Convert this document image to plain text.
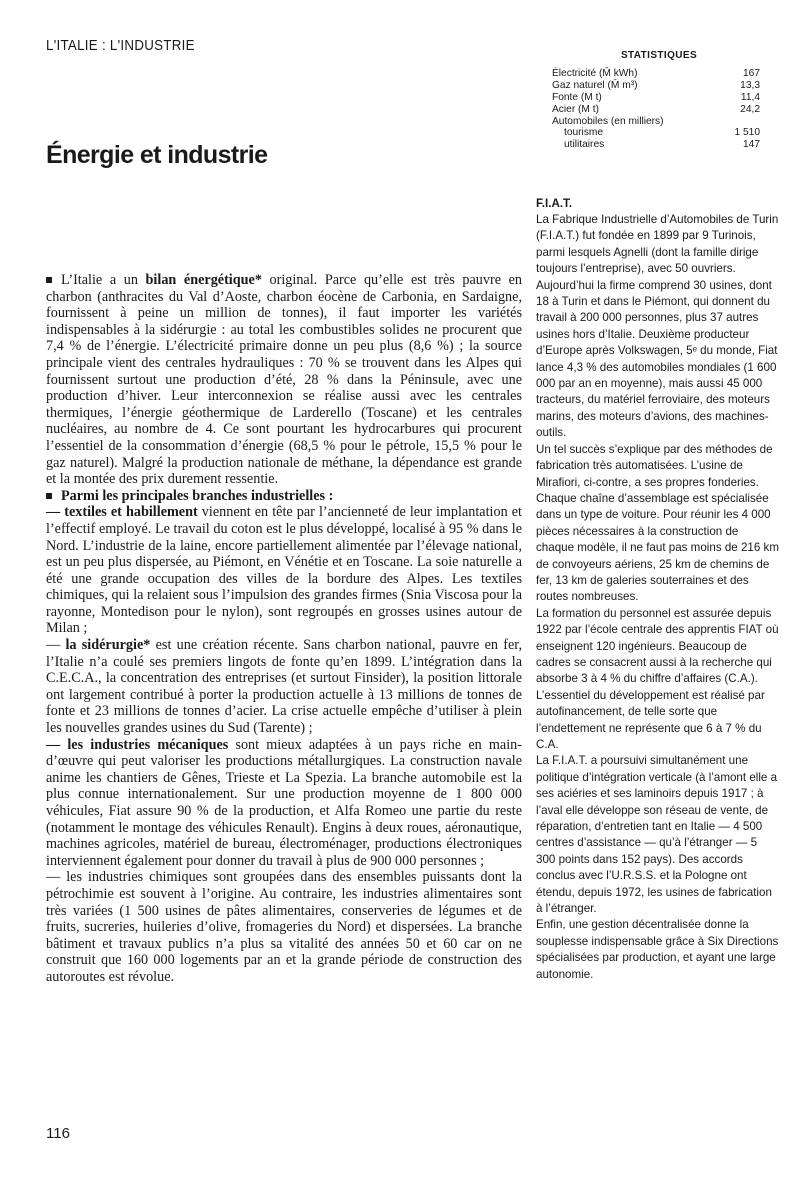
L'ITALIE : L'INDUSTRIE
Énergie et industrie

L’Italie a un bilan énergétique* original. Parce qu’elle est très pauvre en charbon (anthracites du Val d’Aoste, charbon éocène de Carbonia, en Sardaigne, fournissent à peine un million de tonnes), il faut importer les variétés indispensables à la sidérurgie : au total les combustibles solides ne procurent que 7,4 % de l’énergie. L’électricité primaire donne un peu plus (8,6 %) ; la source principale vient des centrales hydrauliques : 70 % se trouvent dans les Alpes qui fournissent surtout une production d’été, 28 % dans la Péninsule, avec une production d’hiver. Leur interconnexion se réalise aussi avec les centrales thermiques, l’énergie géothermique de Larderello (Toscane) et les centrales nucléaires, au nombre de 4. Ce sont pourtant les hydrocarbures qui procurent l’essentiel de la consommation d’énergie (68,5 % pour le pétrole, 15,5 % pour le gaz naturel). Malgré la production nationale de méthane, la dépendance est grande et la montée des prix durement ressentie.

Parmi les principales branches industrielles :

— textiles et habillement viennent en tête par l’ancienneté de leur implantation et l’effectif employé. Le travail du coton est le plus développé, localisé à 95 % dans le Nord. L’industrie de la laine, encore partiellement alimentée par l’élevage national, est un peu plus dispersée, au Piémont, en Vénétie et en Toscane. La soie naturelle a été une grande occupation des villes de la bordure des Alpes. Les textiles chimiques, qui la relaient sous l’impulsion des grandes firmes (Snia Viscosa pour la rayonne, Montedison pour le nylon), sont regroupés en grosses usines autour de Milan ;

— la sidérurgie* est une création récente. Sans charbon national, pauvre en fer, l’Italie n’a coulé ses premiers lingots de fonte qu’en 1899. L’intégration dans la C.E.C.A., la concentration des entreprises (et surtout Finsider), la position littorale ont largement contribué à porter la production actuelle à 13 millions de tonnes de fonte et 23 millions de tonnes d’acier. La crise actuelle empêche d’utiliser à plein les nouvelles grandes usines du Sud (Tarente) ;

— les industries mécaniques sont mieux adaptées à un pays riche en main-d’œuvre qui peut valoriser les productions métallurgiques. La construction navale anime les chantiers de Gênes, Trieste et La Spezia. La branche automobile est la plus connue internationalement. Sur une production moyenne de 1 800 000 véhicules, Fiat assure 90 % de la production, et Alfa Romeo une partie du reste (notamment le montage des véhicules Renault). Engins à deux roues, aéronautique, machines agricoles, matériel de bureau, électroménager, productions électroniques interviennent également pour donner du travail à plus de 900 000 personnes ;

— les industries chimiques sont groupées dans des ensembles puissants dont la pétrochimie est souvent à l’origine. Au contraire, les industries alimentaires sont très variées (1 500 usines de pâtes alimentaires, conserveries de légumes et de fruits, sucreries, huileries d’olive, fromageries du Nord) et dispersées. La branche bâtiment et travaux publics n’a plus sa vitalité des années 50 et 60 car on ne construit que 160 000 logements par an et la grande période de construction des autoroutes est révolue.

116
STATISTIQUES
Électricité (M̄ kWh)	167
Gaz naturel (M̄ m³)	13,3
Fonte (M t)	11,4
Acier (M t)	24,2
Automobiles (en milliers)
tourisme	1 510
utilitaires	147
F.I.A.T.

La Fabrique Industrielle d’Automobiles de Turin (F.I.A.T.) fut fondée en 1899 par 9 Turinois, parmi lesquels Agnelli (dont la famille dirige toujours l’entreprise), avec 50 ouvriers. Aujourd’hui la firme comprend 30 usines, dont 18 à Turin et dans le Piémont, qui donnent du travail à 200 000 personnes, plus 37 autres usines hors d’Italie. Deuxième producteur d’Europe après Volkswagen, 5ᵉ du monde, Fiat lance 4,3 % des automobiles mondiales (1 600 000 par an en moyenne), mais aussi 45 000 tracteurs, du matériel ferroviaire, des moteurs marins, des moteurs d’avions, des machines-outils.

Un tel succès s’explique par des méthodes de fabrication très automatisées. L’usine de Mirafiori, ci-contre, a ses propres fonderies. Chaque chaîne d’assemblage est spécialisée dans un type de voiture. Pour réunir les 4 000 pièces nécessaires à la construction de chaque modèle, il ne faut pas moins de 216 km de convoyeurs aériens, 25 km de chemins de fer, 13 km de galeries souterraines et des routes nombreuses.

La formation du personnel est assurée depuis 1922 par l’école centrale des apprentis FIAT où enseignent 120 ingénieurs. Beaucoup de cadres se consacrent aussi à la recherche qui absorbe 3 à 4 % du chiffre d’affaires (C.A.).

L’essentiel du développement est réalisé par autofinancement, de telle sorte que l’endettement ne représente que 6 à 7 % du C.A.

La F.I.A.T. a poursuivi simultanément une politique d’intégration verticale (à l’amont elle a ses aciéries et ses laminoirs depuis 1917 ; à l’aval elle développe son réseau de vente, de réparation, d’entretien tant en Italie — 4 500 centres d’assistance — qu’à l’étranger — 5 300 points dans 152 pays). Des accords conclus avec l’U.R.S.S. et la Pologne ont étendu, depuis 1972, les usines de fabrication à l’étranger.

Enfin, une gestion décentralisée donne la souplesse indispensable grâce à Six Directions spécialisées par production, et ayant une large autonomie.
